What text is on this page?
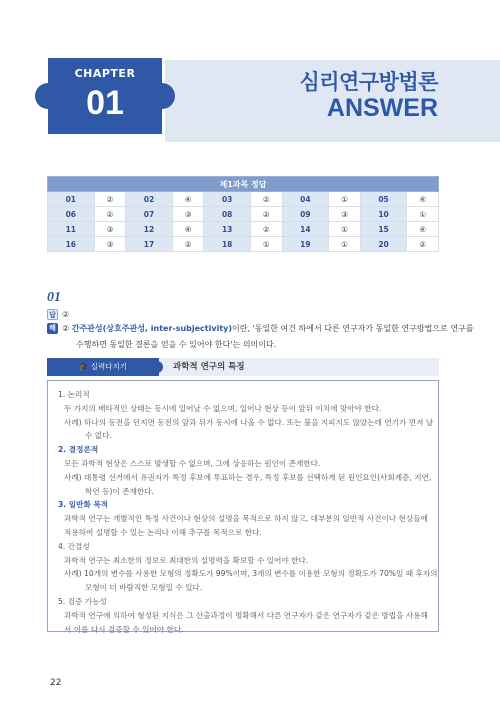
CHAPTER
01
심리연구방법론
ANSWER
제1과목 정답									
01	②	02	④	03	②	04	①	05	④
06	②	07	③	08	②	09	③	10	①
11	③	12	④	13	②	14	①	15	④
16	③	17	②	18	①	19	①	20	②
01
답 ②
해 ② 간주관성(상호주관성, inter-subjectivity)이란, '동일한 여건 하에서 다른 연구자가 동일한 연구방법으로 연구를
수행하면 동일한 결론을 얻을 수 있어야 한다'는 의미이다.
🎓 실력다지기	과학적 연구의 특징
1. 논리적
두 가지의 배타적인 상태는 동시에 일어날 수 없으며, 일어나 현상 등이 앞뒤 이치에 맞아야 한다.
사례) 하나의 동전을 던지면 동전의 앞과 뒤가 동시에 나올 수 없다. 또는 불을 지피지도 않았는데 연기가 먼저 날
수 없다.
2. 결정론적
모든 과학적 현상은 스스로 발생할 수 없으며, 그에 상응하는 원인이 존재한다.
사례) 대통령 선거에서 유권자가 특정 후보에 투표하는 경우, 특정 후보를 선택하게 된 원인요인(사회계층, 지연,
학연 등)이 존재한다.
3. 일반화 목적
과학적 연구는 개별적인 특정 사건이나 현상의 설명을 목적으로 하지 않고, 대부분의 일반적 사건이나 현상들에
적용하여 설명할 수 있는 논리나 이해 추구를 목적으로 한다.
4. 간결성
과학적 연구는 최소한의 정보로 최대한의 설명력을 확보할 수 있어야 한다.
사례) 10개의 변수를 사용한 모형의 정확도가 99%이며, 3개의 변수를 이용한 모형의 정확도가 70%일 때 후자의
모형이 더 바람직한 모형일 수 있다.
5. 검증 가능성
과학적 연구에 의하여 형성된 지식은 그 산출과정이 명확해서 다른 연구자가 같은 연구자가 같은 방법을 사용해
서 이를 다시 검증할 수 있어야 한다.
22
